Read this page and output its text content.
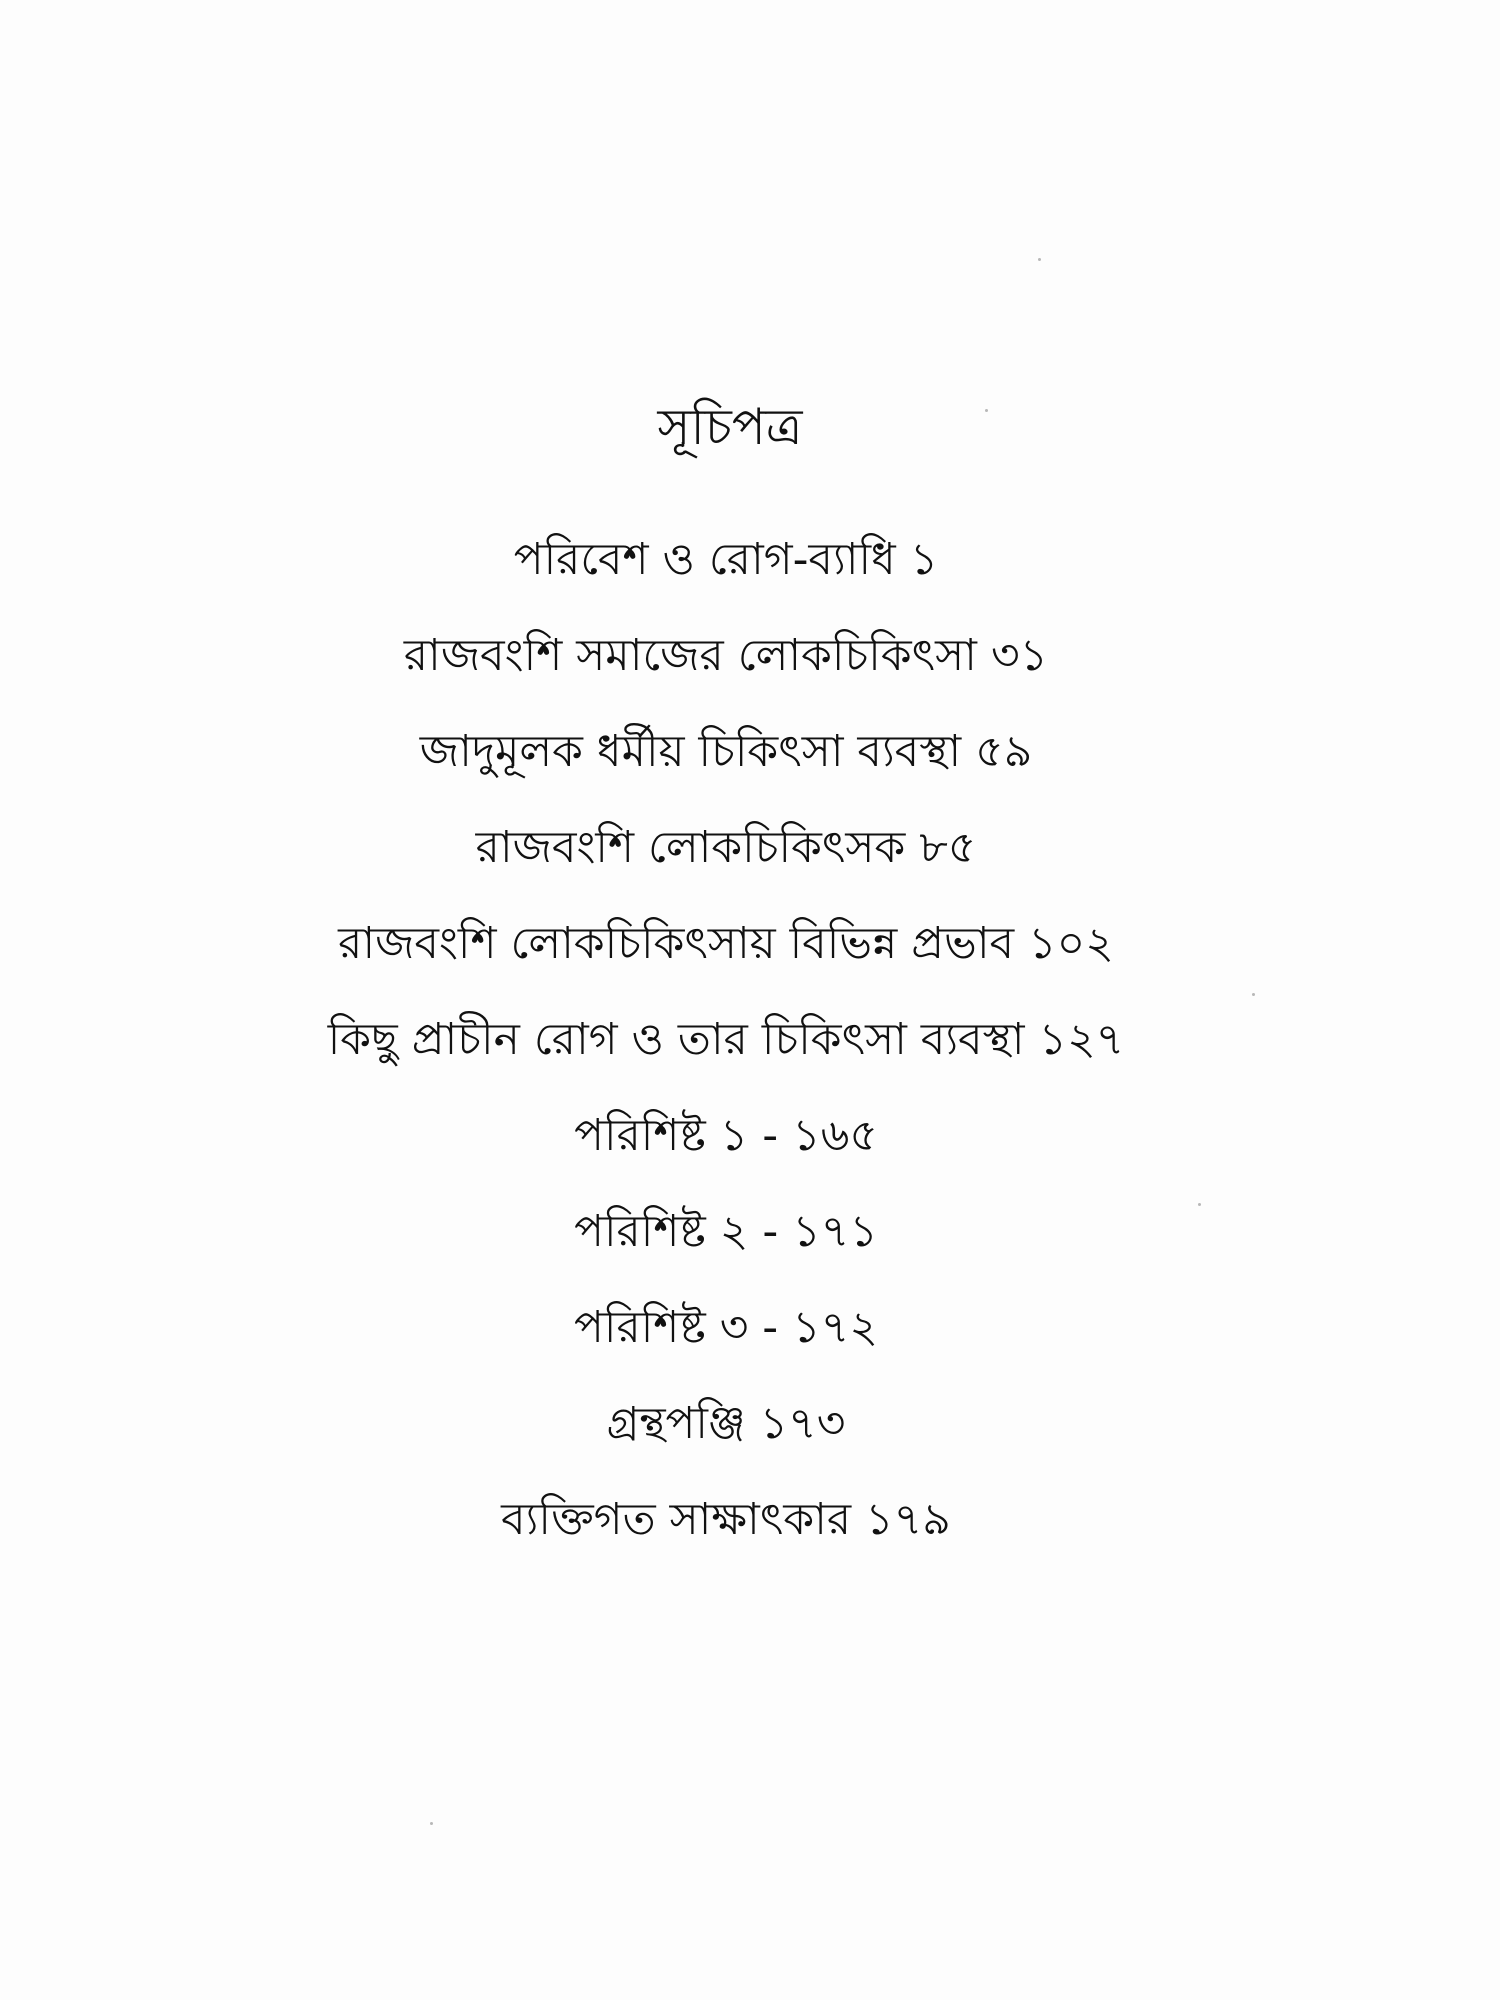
সূচিপত্র
পরিবেশ ও রোগ-ব্যাধি ১
রাজবংশি সমাজের লোকচিকিৎসা ৩১
জাদুমূলক ধর্মীয় চিকিৎসা ব্যবস্থা ৫৯
রাজবংশি লোকচিকিৎসক ৮৫
রাজবংশি লোকচিকিৎসায় বিভিন্ন প্রভাব ১০২
কিছু প্রাচীন রোগ ও তার চিকিৎসা ব্যবস্থা ১২৭
পরিশিষ্ট ১ - ১৬৫
পরিশিষ্ট ২ - ১৭১
পরিশিষ্ট ৩ - ১৭২
গ্রন্থপঞ্জি ১৭৩
ব্যক্তিগত সাক্ষাৎকার ১৭৯
